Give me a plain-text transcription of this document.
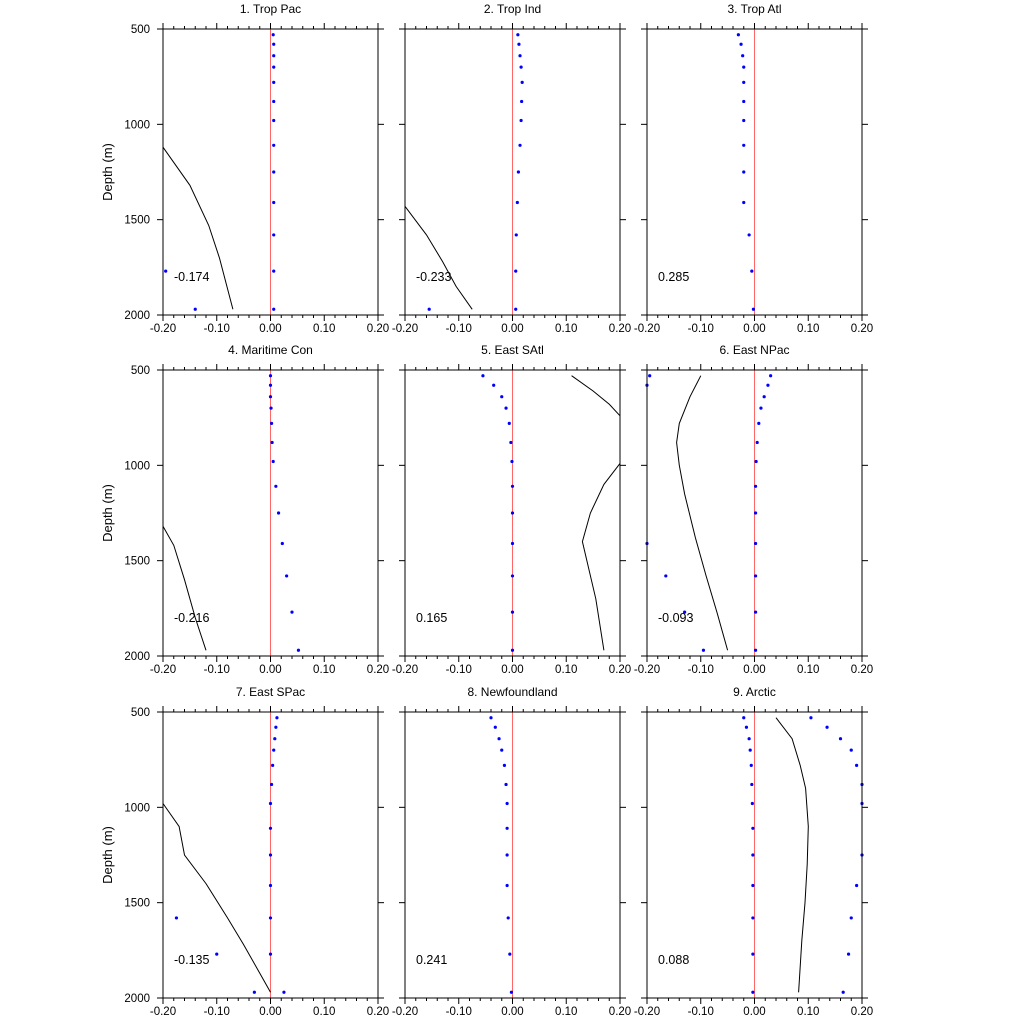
-0.20 -0.10	0.00	0.10	0.20
500
1000
1500
2000
1. Trop Pac
-0.174
Depth (m)
-0.20 -0.10	0.00	0.10	0.20
2. Trop Ind
-0.233
-0.20 -0.10	0.00	0.10	0.20
3. Trop Atl
0.285
-0.20 -0.10	0.00	0.10	0.20
500
1000
1500
2000
4. Maritime Con
-0.216
Depth (m)
-0.20 -0.10	0.00	0.10	0.20
5. East SAtl
0.165
-0.20 -0.10	0.00	0.10	0.20
6. East NPac
-0.093
-0.20 -0.10	0.00	0.10	0.20
500
1000
1500
2000
7. East SPac
-0.135
Depth (m)
-0.20 -0.10	0.00	0.10	0.20
8. Newfoundland
0.241
-0.20 -0.10	0.00	0.10	0.20
9. Arctic
0.088
